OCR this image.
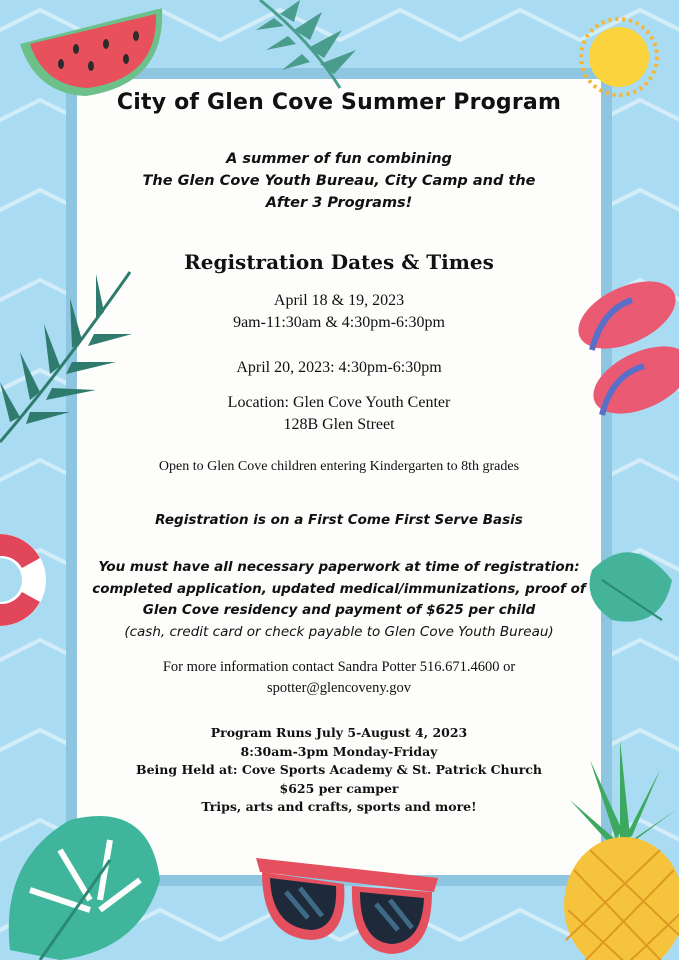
City of Glen Cove Summer Program
A summer of fun combining
The Glen Cove Youth Bureau, City Camp and the
After 3 Programs!
Registration Dates & Times
April 18 & 19, 2023
9am-11:30am & 4:30pm-6:30pm
April 20, 2023: 4:30pm-6:30pm
Location: Glen Cove Youth Center
128B Glen Street
Open to Glen Cove children entering Kindergarten to 8th grades
Registration is on a First Come First Serve Basis
You must have all necessary paperwork at time of registration:
completed application, updated medical/immunizations, proof of
Glen Cove residency and payment of $625 per child
(cash, credit card or check payable to Glen Cove Youth Bureau)
For more information contact Sandra Potter 516.671.4600 or
spotter@glencoveny.gov
Program Runs July 5-August 4, 2023
8:30am-3pm Monday-Friday
Being Held at: Cove Sports Academy & St. Patrick Church
$625 per camper
Trips, arts and crafts, sports and more!
